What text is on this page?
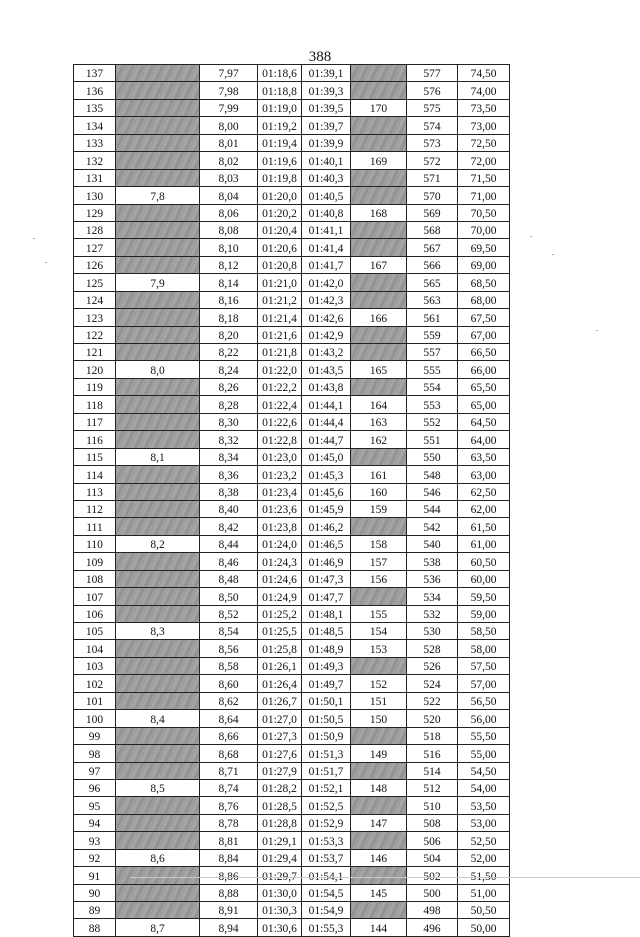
388
137		7,97	01:18,6	01:39,1		577	74,50
136		7,98	01:18,8	01:39,3		576	74,00
135		7,99	01:19,0	01:39,5	170	575	73,50
134		8,00	01:19,2	01:39,7		574	73,00
133		8,01	01:19,4	01:39,9		573	72,50
132		8,02	01:19,6	01:40,1	169	572	72,00
131		8,03	01:19,8	01:40,3		571	71,50
130	7,8	8,04	01:20,0	01:40,5		570	71,00
129		8,06	01:20,2	01:40,8	168	569	70,50
128		8,08	01:20,4	01:41,1		568	70,00
127		8,10	01:20,6	01:41,4		567	69,50
126		8,12	01:20,8	01:41,7	167	566	69,00
125	7,9	8,14	01:21,0	01:42,0		565	68,50
124		8,16	01:21,2	01:42,3		563	68,00
123		8,18	01:21,4	01:42,6	166	561	67,50
122		8,20	01:21,6	01:42,9		559	67,00
121		8,22	01:21,8	01:43,2		557	66,50
120	8,0	8,24	01:22,0	01:43,5	165	555	66,00
119		8,26	01:22,2	01:43,8		554	65,50
118		8,28	01:22,4	01:44,1	164	553	65,00
117		8,30	01:22,6	01:44,4	163	552	64,50
116		8,32	01:22,8	01:44,7	162	551	64,00
115	8,1	8,34	01:23,0	01:45,0		550	63,50
114		8,36	01:23,2	01:45,3	161	548	63,00
113		8,38	01:23,4	01:45,6	160	546	62,50
112		8,40	01:23,6	01:45,9	159	544	62,00
111		8,42	01:23,8	01:46,2		542	61,50
110	8,2	8,44	01:24,0	01:46,5	158	540	61,00
109		8,46	01:24,3	01:46,9	157	538	60,50
108		8,48	01:24,6	01:47,3	156	536	60,00
107		8,50	01:24,9	01:47,7		534	59,50
106		8,52	01:25,2	01:48,1	155	532	59,00
105	8,3	8,54	01:25,5	01:48,5	154	530	58,50
104		8,56	01:25,8	01:48,9	153	528	58,00
103		8,58	01:26,1	01:49,3		526	57,50
102		8,60	01:26,4	01:49,7	152	524	57,00
101		8,62	01:26,7	01:50,1	151	522	56,50
100	8,4	8,64	01:27,0	01:50,5	150	520	56,00
99		8,66	01:27,3	01:50,9		518	55,50
98		8,68	01:27,6	01:51,3	149	516	55,00
97		8,71	01:27,9	01:51,7		514	54,50
96	8,5	8,74	01:28,2	01:52,1	148	512	54,00
95		8,76	01:28,5	01:52,5		510	53,50
94		8,78	01:28,8	01:52,9	147	508	53,00
93		8,81	01:29,1	01:53,3		506	52,50
92	8,6	8,84	01:29,4	01:53,7	146	504	52,00
91		8,86	01:29,7	01:54,1		502	51,50
90		8,88	01:30,0	01:54,5	145	500	51,00
89		8,91	01:30,3	01:54,9		498	50,50
88	8,7	8,94	01:30,6	01:55,3	144	496	50,00
